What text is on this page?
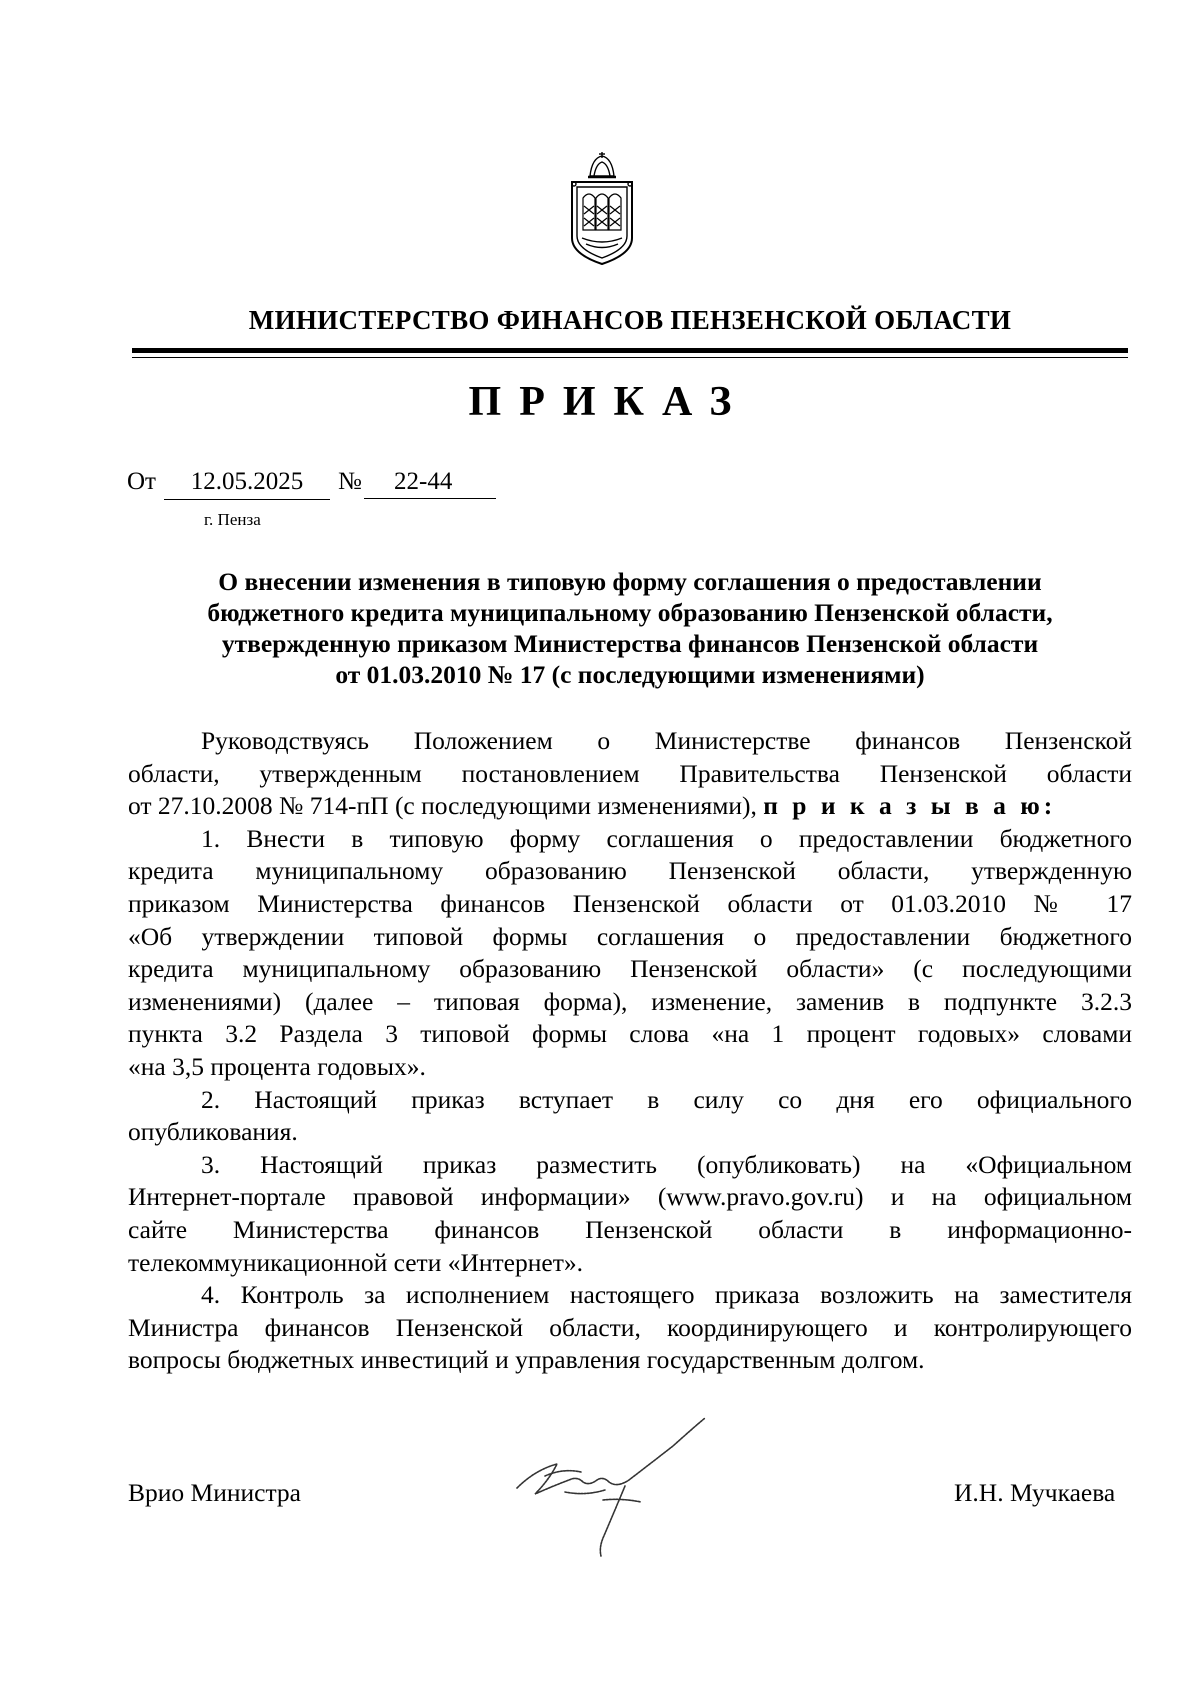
МИНИСТЕРСТВО ФИНАНСОВ ПЕНЗЕНСКОЙ ОБЛАСТИ
ПРИКАЗ
От	12.05.2025	№	22-44
г. Пенза
О внесении изменения в типовую форму соглашения о предоставлении
бюджетного кредита муниципальному образованию Пензенской области,
утвержденную приказом Министерства финансов Пензенской области
от 01.03.2010 № 17 (с последующими изменениями)
Руководствуясь Положением о Министерстве финансов Пензенской
области, утвержденным постановлением Правительства Пензенской области
от 27.10.2008 № 714-пП (с последующими изменениями), п р и к а з ы в а ю:
1. Внести в типовую форму соглашения о предоставлении бюджетного
кредита муниципальному образованию Пензенской области, утвержденную
приказом Министерства финансов Пензенской области от 01.03.2010 № 17
«Об утверждении типовой формы соглашения о предоставлении бюджетного
кредита муниципальному образованию Пензенской области» (с последующими
изменениями) (далее – типовая форма), изменение, заменив в подпункте 3.2.3
пункта 3.2 Раздела 3 типовой формы слова «на 1 процент годовых» словами
«на 3,5 процента годовых».
2. Настоящий приказ вступает в силу со дня его официального
опубликования.
3. Настоящий приказ разместить (опубликовать) на «Официальном
Интернет-портале правовой информации» (www.pravo.gov.ru) и на официальном
сайте Министерства финансов Пензенской области в информационно-
телекоммуникационной сети «Интернет».
4. Контроль за исполнением настоящего приказа возложить на заместителя
Министра финансов Пензенской области, координирующего и контролирующего
вопросы бюджетных инвестиций и управления государственным долгом.
Врио Министра	И.Н. Мучкаева
